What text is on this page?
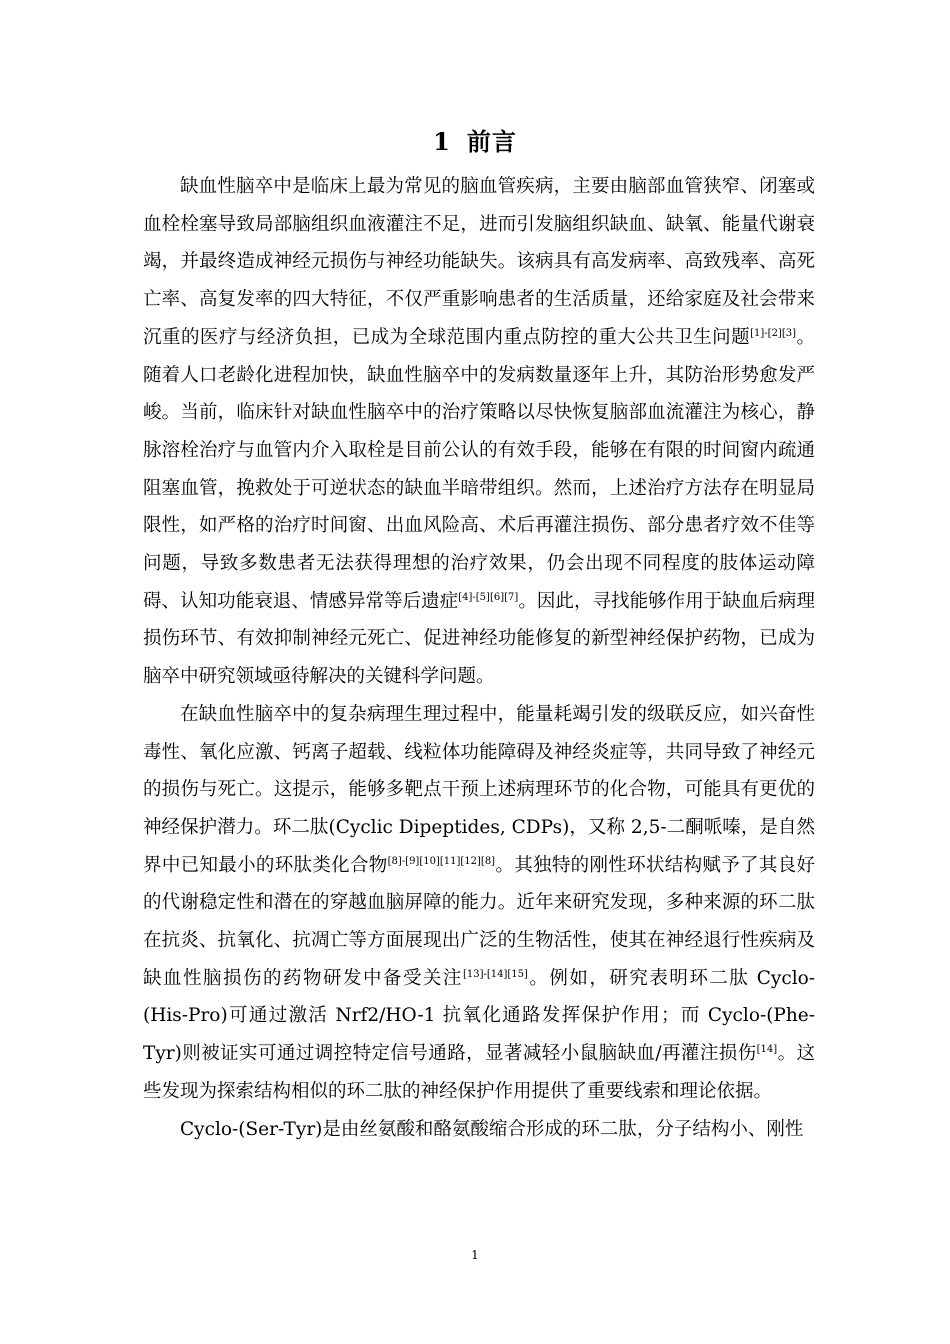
1 前言

缺血性脑卒中是临床上最为常见的脑血管疾病，主要由脑部血管狭窄、闭塞或血栓栓塞导致局部脑组织血液灌注不足，进而引发脑组织缺血、缺氧、能量代谢衰竭，并最终造成神经元损伤与神经功能缺失。该病具有高发病率、高致残率、高死亡率、高复发率的四大特征，不仅严重影响患者的生活质量，还给家庭及社会带来沉重的医疗与经济负担，已成为全球范围内重点防控的重大公共卫生问题[1]-[2][3]。随着人口老龄化进程加快，缺血性脑卒中的发病数量逐年上升，其防治形势愈发严峻。当前，临床针对缺血性脑卒中的治疗策略以尽快恢复脑部血流灌注为核心，静脉溶栓治疗与血管内介入取栓是目前公认的有效手段，能够在有限的时间窗内疏通阻塞血管，挽救处于可逆状态的缺血半暗带组织。然而，上述治疗方法存在明显局限性，如严格的治疗时间窗、出血风险高、术后再灌注损伤、部分患者疗效不佳等问题，导致多数患者无法获得理想的治疗效果，仍会出现不同程度的肢体运动障碍、认知功能衰退、情感异常等后遗症[4]-[5][6][7]。因此，寻找能够作用于缺血后病理损伤环节、有效抑制神经元死亡、促进神经功能修复的新型神经保护药物，已成为脑卒中研究领域亟待解决的关键科学问题。

在缺血性脑卒中的复杂病理生理过程中，能量耗竭引发的级联反应，如兴奋性毒性、氧化应激、钙离子超载、线粒体功能障碍及神经炎症等，共同导致了神经元的损伤与死亡。这提示，能够多靶点干预上述病理环节的化合物，可能具有更优的神经保护潜力。环二肽(Cyclic Dipeptides, CDPs)，又称 2,5-二酮哌嗪，是自然界中已知最小的环肽类化合物[8]-[9][10][11][12][8]。其独特的刚性环状结构赋予了其良好的代谢稳定性和潜在的穿越血脑屏障的能力。近年来研究发现，多种来源的环二肽在抗炎、抗氧化、抗凋亡等方面展现出广泛的生物活性，使其在神经退行性疾病及缺血性脑损伤的药物研发中备受关注[13]-[14][15]。例如，研究表明环二肽 Cyclo-(His-Pro)可通过激活 Nrf2/HO-1 抗氧化通路发挥保护作用；而 Cyclo-(Phe-Tyr)则被证实可通过调控特定信号通路，显著减轻小鼠脑缺血/再灌注损伤[14]。这些发现为探索结构相似的环二肽的神经保护作用提供了重要线索和理论依据。

Cyclo-(Ser-Tyr)是由丝氨酸和酪氨酸缩合形成的环二肽，分子结构小、刚性

1
